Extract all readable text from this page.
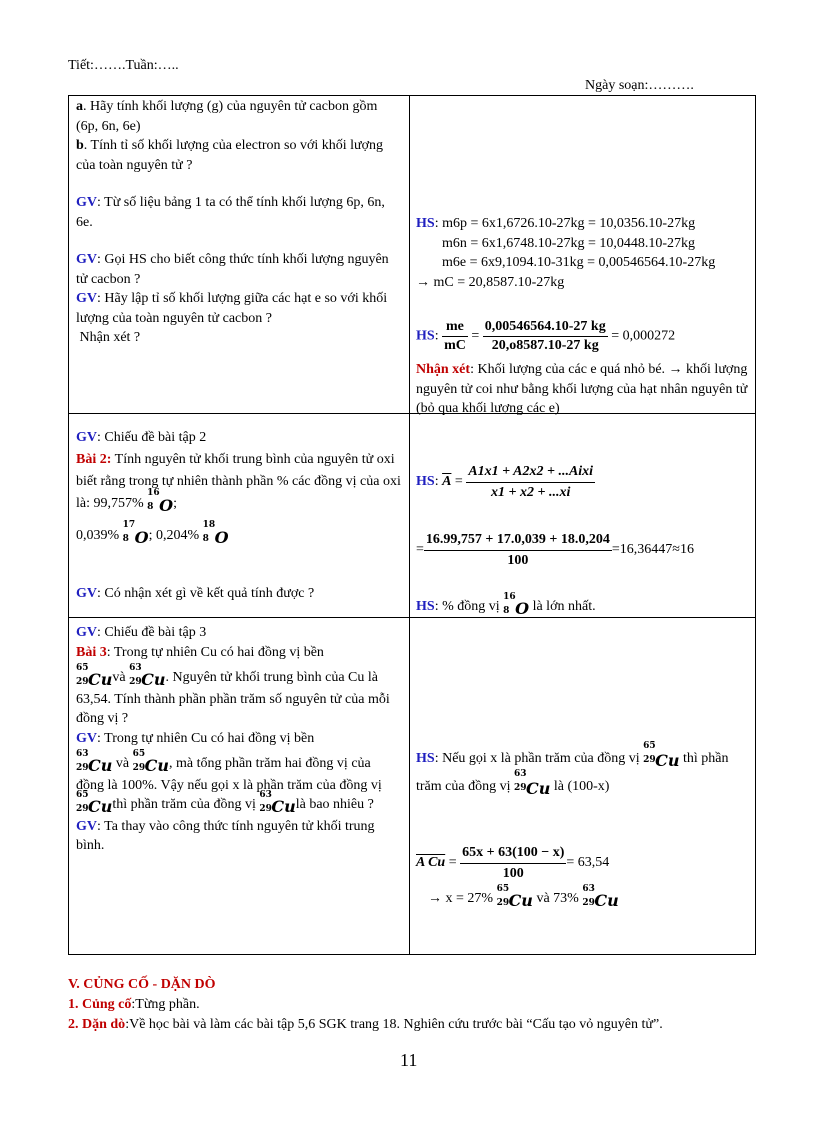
Tiết:…….Tuần:…..
Ngày soạn:……….
a. Hãy tính khối lượng (g) của nguyên tử cacbon gồm (6p, 6n, 6e)
b. Tính tỉ số khối lượng của electron so với khối lượng của toàn nguyên tử ?
GV: Từ số liệu bảng 1 ta có thể tính khối lượng 6p, 6n, 6e.
GV: Gọi HS cho biết công thức tính khối lượng nguyên tử cacbon ?
GV: Hãy lập tỉ số khối lượng giữa các hạt e so với khối lượng của toàn nguyên tử cacbon ?
Nhận xét ?
HS: m6p = 6x1,6726.10-27kg = 10,0356.10-27kg
m6n = 6x1,6748.10-27kg = 10,0448.10-27kg
m6e = 6x9,1094.10-31kg = 0,00546564.10-27kg
→ mC = 20,8587.10-27kg
HS: $\frac{me}{mC} = \frac{0,00546564.10-27 kg}{20,o8587.10-27 kg} = 0,000272$
Nhận xét: Khối lượng của các e quá nhỏ bé. → khối lượng nguyên tử coi như bằng khối lượng của hạt nhân nguyên tử (bỏ qua khối lượng các e)
GV: Chiếu đề bài tập 2
Bài 2: Tính nguyên tử khối trung bình của nguyên tử oxi biết rằng trong tự nhiên thành phần % các đồng vị của oxi là: 99,757%
16
8 O;
0,039%
17
8 O; 0,204%
18
8 O
GV: Có nhận xét gì về kết quả tính được ?
HS: $\overline{A} = \frac{\text{A1x1 + A2x2 + ...Aixi}}{x1 + x2 + ...xi}$
= $\frac{16.99,757 + 17.0,039 + 18.0,204}{100} =16,36447\approx 16$
HS: % đồng vị
16
8 O là lớn nhất.
GV: Chiếu đề bài tập 3
Bài 3: Trong tự nhiên Cu có hai đồng vị bền
65
29 Cuvà
63
29 Cu. Nguyên tử khối trung bình của Cu là 63,54. Tính thành phần phần trăm số nguyên tử của mỗi đồng vị ?
GV: Trong tự nhiên Cu có hai đồng vị bền
63
29 Cu và
65
29 Cu, mà tổng phần trăm hai đồng vị của đồng là 100%. Vậy nếu gọi x là phần trăm của đồng vị
65
29 Cuthì phần trăm của đồng vị
63
29 Culà bao nhiêu ?
GV: Ta thay vào công thức tính nguyên tử khối trung bình.
HS: Nếu gọi x là phần trăm của đồng vị
65
29 Cu thì phần trăm của đồng vị
63
29 Cu là (100-x)
A $Cu = \frac{65x + 63(100 - x)}{100} = 63,54$
→ x = 27%
65
29 Cu và 73%
63
29 Cu
V. CỦNG CỐ - DẶN DÒ
1. Củng cố:Từng phần.
2. Dặn dò:Về học bài và làm các bài tập 5,6 SGK trang 18. Nghiên cứu trước bài “Cấu tạo vỏ nguyên tử”.
11
